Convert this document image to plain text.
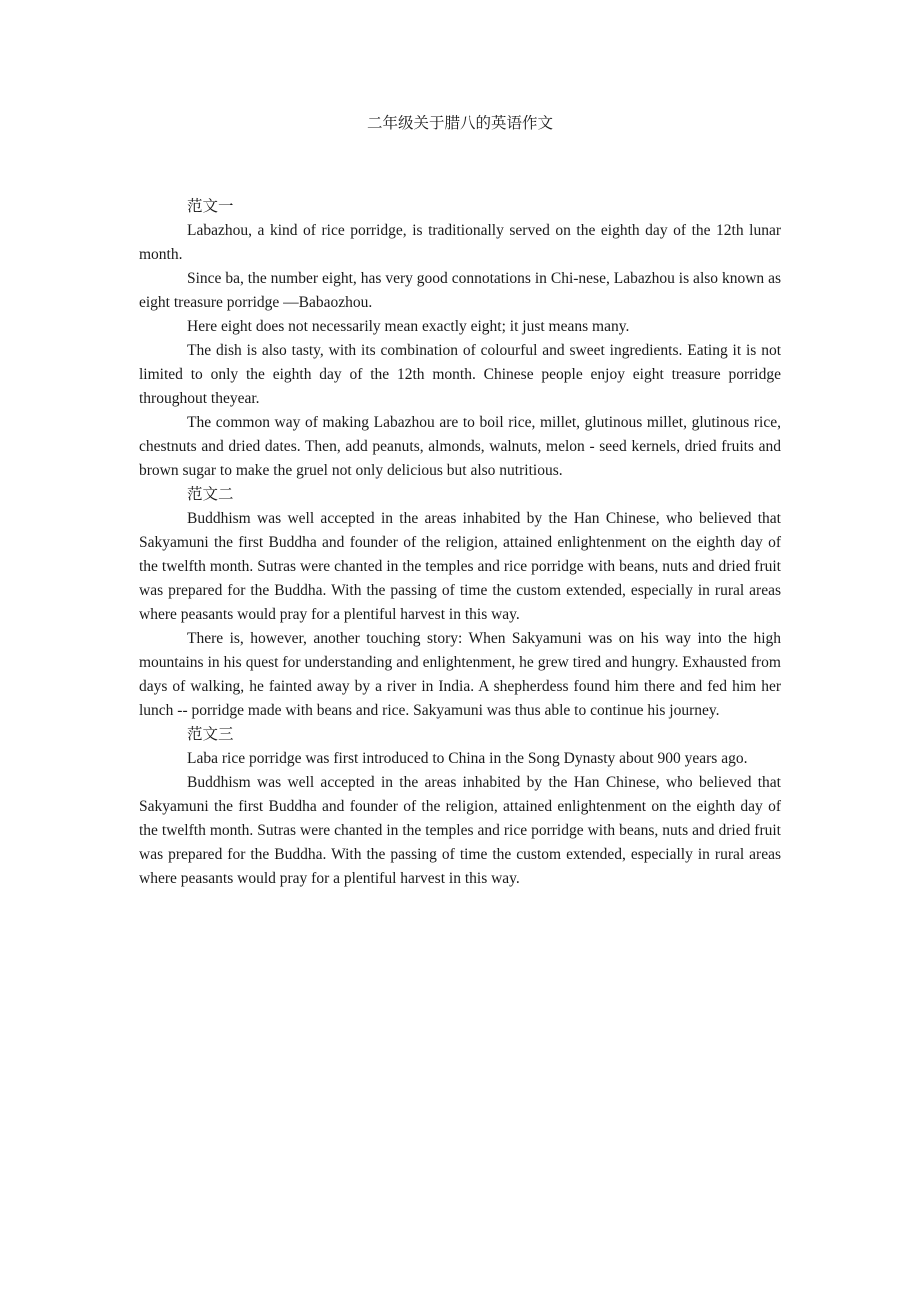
二年级关于腊八的英语作文

范文一

Labazhou, a kind of rice porridge, is traditionally served on the eighth day of the 12th lunar month.

Since ba, the number eight, has very good connotations in Chi-nese, Labazhou is also known as eight treasure porridge —Babaozhou.

Here eight does not necessarily mean exactly eight; it just means many.

The dish is also tasty, with its combination of colourful and sweet ingredients. Eating it is not limited to only the eighth day of the 12th month. Chinese people enjoy eight treasure porridge throughout theyear.

The common way of making Labazhou are to boil rice, millet, glutinous millet, glutinous rice, chestnuts and dried dates. Then, add peanuts, almonds, walnuts, melon - seed kernels, dried fruits and brown sugar to make the gruel not only delicious but also nutritious.

范文二

Buddhism was well accepted in the areas inhabited by the Han Chinese, who believed that Sakyamuni the first Buddha and founder of the religion, attained enlightenment on the eighth day of the twelfth month. Sutras were chanted in the temples and rice porridge with beans, nuts and dried fruit was prepared for the Buddha. With the passing of time the custom extended, especially in rural areas where peasants would pray for a plentiful harvest in this way.

There is, however, another touching story: When Sakyamuni was on his way into the high mountains in his quest for understanding and enlightenment, he grew tired and hungry. Exhausted from days of walking, he fainted away by a river in India. A shepherdess found him there and fed him her lunch -- porridge made with beans and rice. Sakyamuni was thus able to continue his journey.

范文三

Laba rice porridge was first introduced to China in the Song Dynasty about 900 years ago.

Buddhism was well accepted in the areas inhabited by the Han Chinese, who believed that Sakyamuni the first Buddha and founder of the religion, attained enlightenment on the eighth day of the twelfth month. Sutras were chanted in the temples and rice porridge with beans, nuts and dried fruit was prepared for the Buddha. With the passing of time the custom extended, especially in rural areas where peasants would pray for a plentiful harvest in this way.
